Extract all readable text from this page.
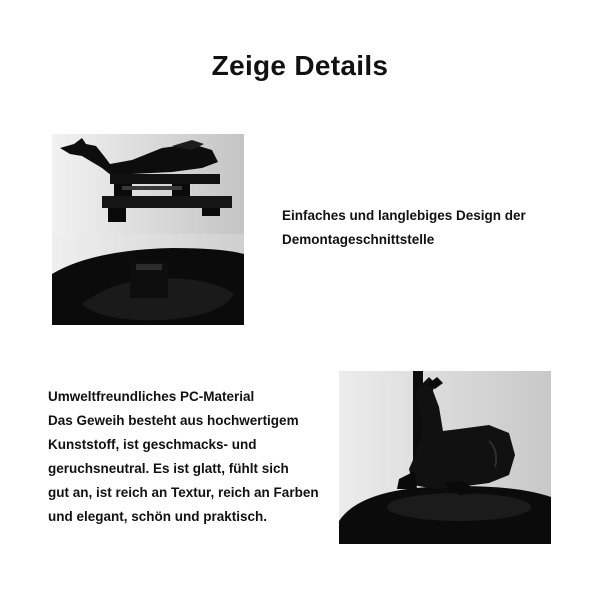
Zeige Details
Einfaches und langlebiges Design der
Demontageschnittstelle
Umweltfreundliches PC-Material
Das Geweih besteht aus hochwertigem
Kunststoff, ist geschmacks- und
geruchsneutral. Es ist glatt, fühlt sich
gut an, ist reich an Textur, reich an Farben
und elegant, schön und praktisch.
